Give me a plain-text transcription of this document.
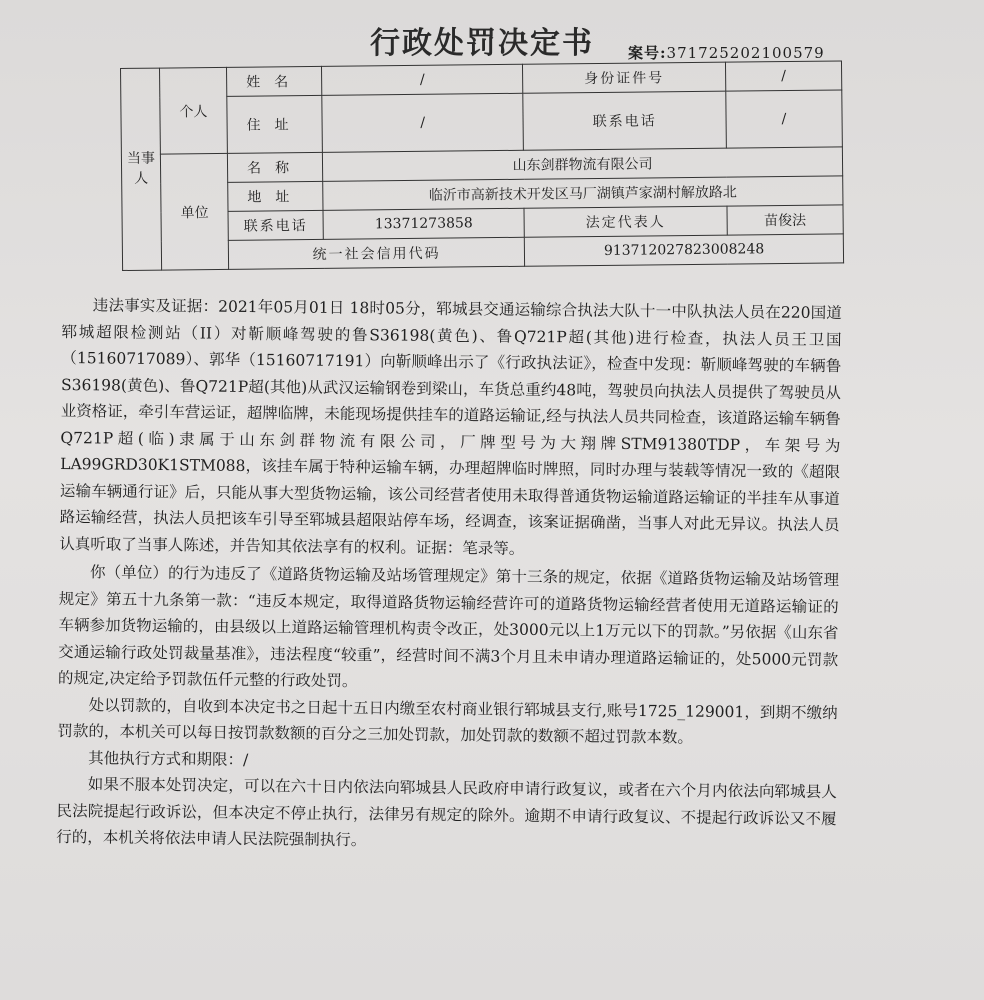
行政处罚决定书 案号:371725202100579
当事人	个人	姓名	/	身份证件号	/
		住址	/	联系电话	/
	单位	名称	山东剑群物流有限公司		
		地址	临沂市高新技术开发区马厂湖镇芦家湖村解放路北		
		联系电话	13371273858	法定代表人	苗俊法
		统一社会信用代码		91371202782300824​8	

违法事实及证据：2021年05月01日 18时05分，郓城县交通运输综合执法大队十一中队执法人员在220国道郓城超限检测站（II）对靳顺峰驾驶的鲁S36198(黄色)、鲁Q721P超(其他)进行检查，执法人员王卫国（15160717089）、郭华（15160717191）向靳顺峰出示了《行政执法证》，检查中发现：靳顺峰驾驶的车辆鲁S36198(黄色)、鲁Q721P超(其他)从武汉运输钢卷到梁山，车货总重约48吨，驾驶员向执法人员提供了驾驶员从业资格证，牵引车营运证，超牌临牌，未能现场提供挂车的道路运输证,经与执法人员共同检查，该道路运输车辆鲁Q721P超(临)隶属于山东剑群物流有限公司，厂牌型号为大翔牌STM91380TDP，车架号为LA99GRD30K1STM088，该挂车属于特种运输车辆，办理超牌临时牌照，同时办理与装载等情况一致的《超限运输车辆通行证》后，只能从事大型货物运输，该公司经营者使用未取得普通货物运输道路运输证的半挂车从事道路运输经营，执法人员把该车引导至郓城县超限站停车场，经调查，该案证据确凿，当事人对此无异议。执法人员认真听取了当事人陈述，并告知其依法享有的权利。证据：笔录等。

你（单位）的行为违反了《道路货物运输及站场管理规定》第十三条的规定，依据《道路货物运输及站场管理规定》第五十九条第一款：“违反本规定，取得道路货物运输经营许可的道路货物运输经营者使用无道路运输证的车辆参加货物运输的，由县级以上道路运输管理机构责令改正，处3000元以上1万元以下的罚款。”另依据《山东省交通运输行政处罚裁量基准》，违法程度“较重”，经营时间不满3个月且未申请办理道路运输证的，处5000元罚款的规定,决定给予罚款伍仟元整的行政处罚。

处以罚款的，自收到本决定书之日起十五日内缴至农村商业银行郓城县支行,账号1725_129001，到期不缴纳罚款的，本机关可以每日按罚款数额的百分之三加处罚款，加处罚款的数额不超过罚款本数。

其他执行方式和期限：/

如果不服本处罚决定，可以在六十日内依法向郓城县人民政府申请行政复议，或者在六个月内依法向郓城县人民法院提起行政诉讼，但本决定不停止执行，法律另有规定的除外。逾期不申请行政复议、不提起行政诉讼又不履行的，本机关将依法申请人民法院强制执行。
